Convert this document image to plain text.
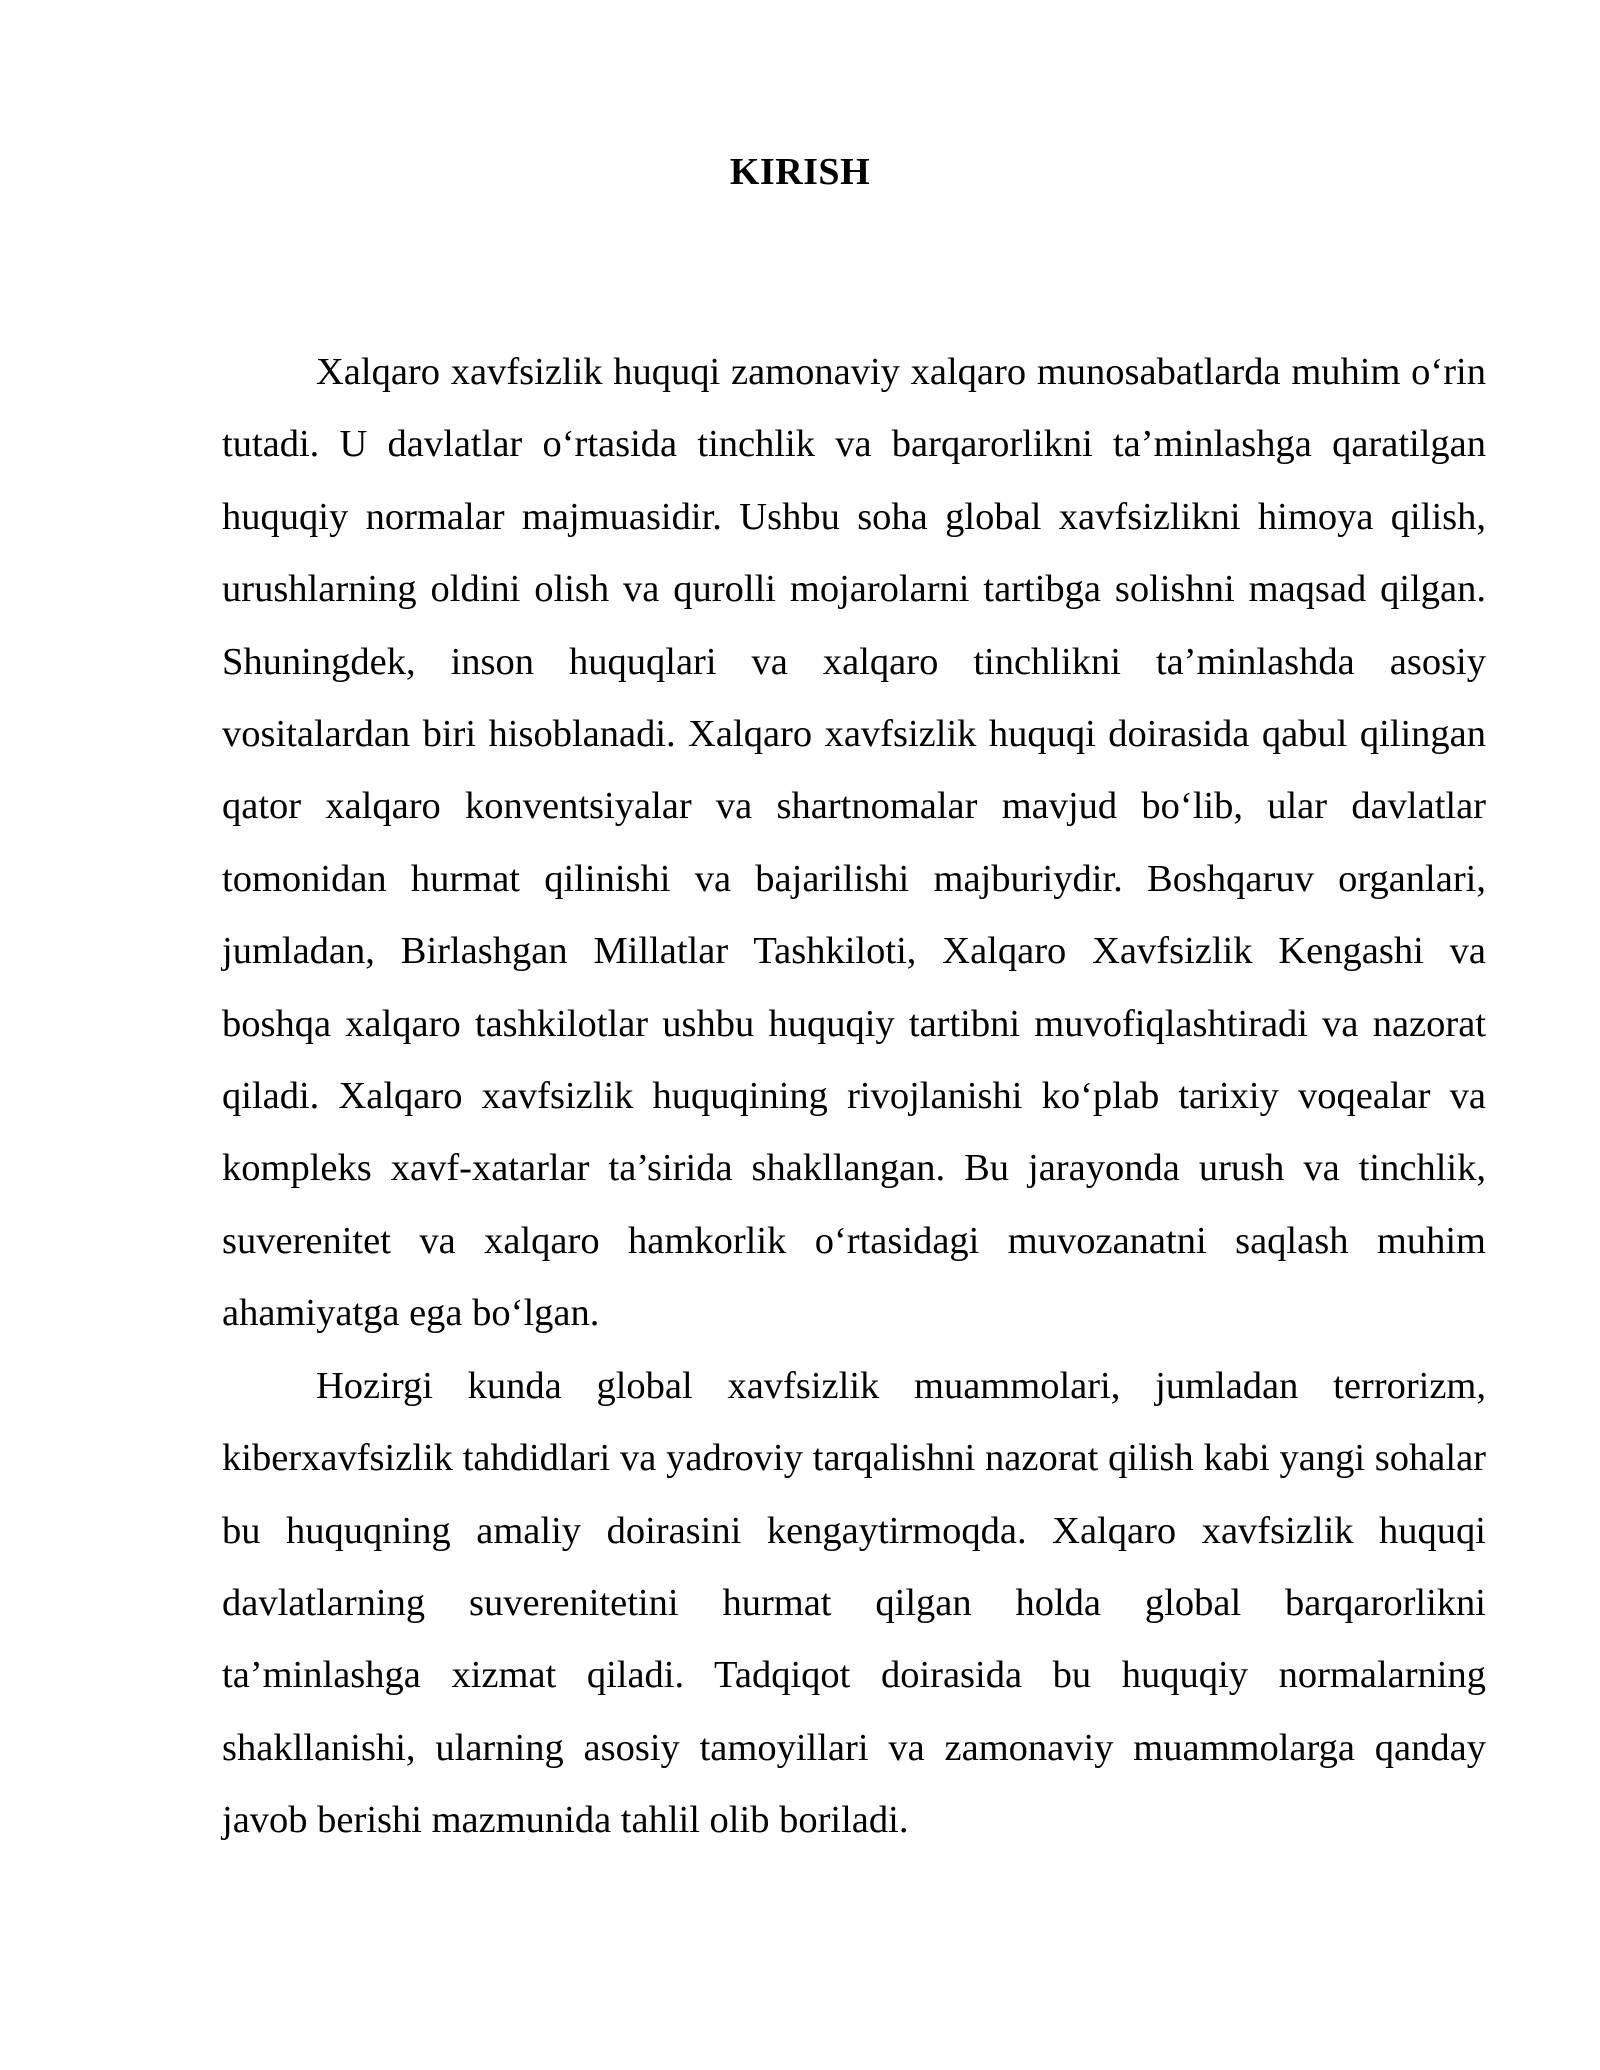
KIRISH

Xalqaro xavfsizlik huquqi zamonaviy xalqaro munosabatlarda muhim o‘rin tutadi. U davlatlar o‘rtasida tinchlik va barqarorlikni ta’minlashga qaratilgan huquqiy normalar majmuasidir. Ushbu soha global xavfsizlikni himoya qilish, urushlarning oldini olish va qurolli mojarolarni tartibga solishni maqsad qilgan. Shuningdek, inson huquqlari va xalqaro tinchlikni ta’minlashda asosiy vositalardan biri hisoblanadi. Xalqaro xavfsizlik huquqi doirasida qabul qilingan qator xalqaro konventsiyalar va shartnomalar mavjud bo‘lib, ular davlatlar tomonidan hurmat qilinishi va bajarilishi majburiydir. Boshqaruv organlari, jumladan, Birlashgan Millatlar Tashkiloti, Xalqaro Xavfsizlik Kengashi va boshqa xalqaro tashkilotlar ushbu huquqiy tartibni muvofiqlashtiradi va nazorat qiladi. Xalqaro xavfsizlik huquqining rivojlanishi ko‘plab tarixiy voqealar va kompleks xavf-xatarlar ta’sirida shakllangan. Bu jarayonda urush va tinchlik, suverenitet va xalqaro hamkorlik o‘rtasidagi muvozanatni saqlash muhim ahamiyatga ega bo‘lgan.

Hozirgi kunda global xavfsizlik muammolari, jumladan terrorizm, kiberxavfsizlik tahdidlari va yadroviy tarqalishni nazorat qilish kabi yangi sohalar bu huquqning amaliy doirasini kengaytirmoqda. Xalqaro xavfsizlik huquqi davlatlarning suverenitetini hurmat qilgan holda global barqarorlikni ta’minlashga xizmat qiladi. Tadqiqot doirasida bu huquqiy normalarning shakllanishi, ularning asosiy tamoyillari va zamonaviy muammolarga qanday javob berishi mazmunida tahlil olib boriladi.
